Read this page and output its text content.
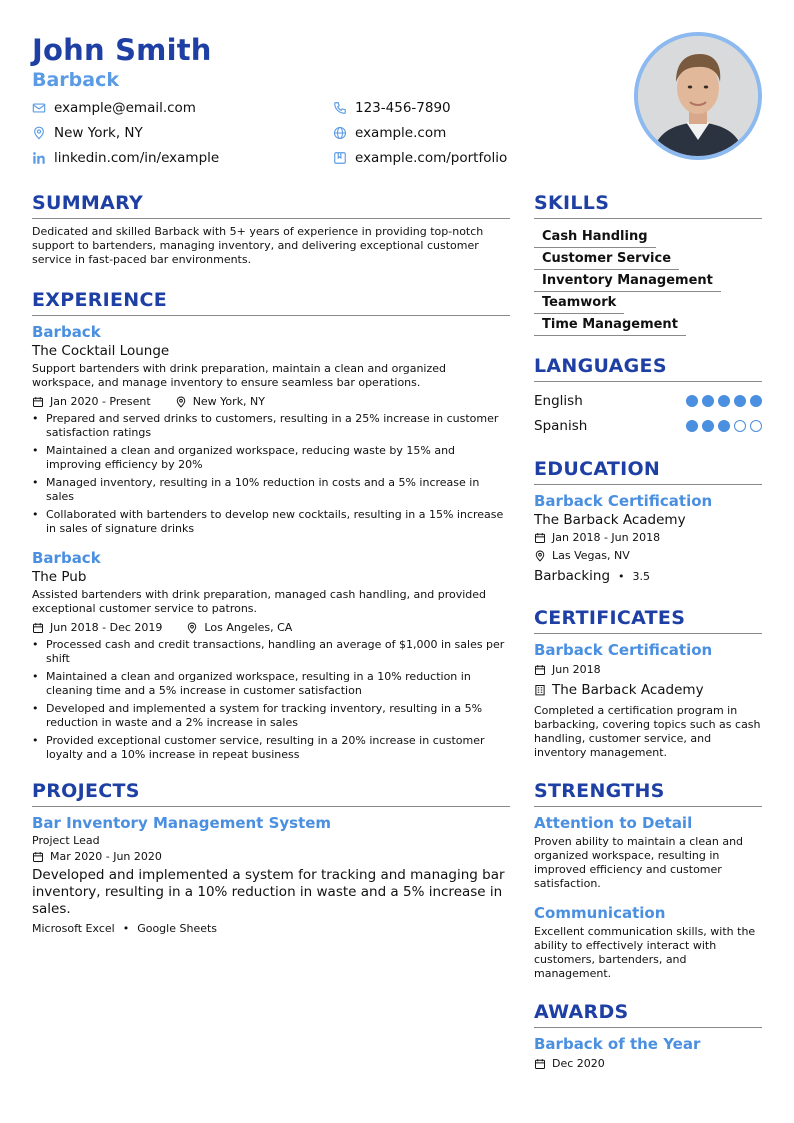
John Smith
Barback
example@email.com	123-456-7890
New York, NY	example.com
linkedin.com/in/example	example.com/portfolio
SUMMARY
Dedicated and skilled Barback with 5+ years of experience in providing top-notch support to bartenders, managing inventory, and delivering exceptional customer service in fast-paced bar environments.
EXPERIENCE
Barback
The Cocktail Lounge
Support bartenders with drink preparation, maintain a clean and organized workspace, and manage inventory to ensure seamless bar operations.
Jan 2020 - Present	New York, NY
• Prepared and served drinks to customers, resulting in a 25% increase in customer satisfaction ratings
• Maintained a clean and organized workspace, reducing waste by 15% and improving efficiency by 20%
• Managed inventory, resulting in a 10% reduction in costs and a 5% increase in sales
• Collaborated with bartenders to develop new cocktails, resulting in a 15% increase in sales of signature drinks
Barback
The Pub
Assisted bartenders with drink preparation, managed cash handling, and provided exceptional customer service to patrons.
Jun 2018 - Dec 2019	Los Angeles, CA
• Processed cash and credit transactions, handling an average of $1,000 in sales per shift
• Maintained a clean and organized workspace, resulting in a 10% reduction in cleaning time and a 5% increase in customer satisfaction
• Developed and implemented a system for tracking inventory, resulting in a 5% reduction in waste and a 2% increase in sales
• Provided exceptional customer service, resulting in a 20% increase in customer loyalty and a 10% increase in repeat business
PROJECTS
Bar Inventory Management System
Project Lead
Mar 2020 - Jun 2020
Developed and implemented a system for tracking and managing bar inventory, resulting in a 10% reduction in waste and a 5% increase in sales.
Microsoft Excel • Google Sheets
SKILLS
Cash Handling
Customer Service
Inventory Management
Teamwork
Time Management
LANGUAGES
English
Spanish
EDUCATION
Barback Certification
The Barback Academy
Jan 2018 - Jun 2018
Las Vegas, NV
Barbacking • 3.5
CERTIFICATES
Barback Certification
Jun 2018
The Barback Academy
Completed a certification program in barbacking, covering topics such as cash handling, customer service, and inventory management.
STRENGTHS
Attention to Detail
Proven ability to maintain a clean and organized workspace, resulting in improved efficiency and customer satisfaction.
Communication
Excellent communication skills, with the ability to effectively interact with customers, bartenders, and management.
AWARDS
Barback of the Year
Dec 2020
